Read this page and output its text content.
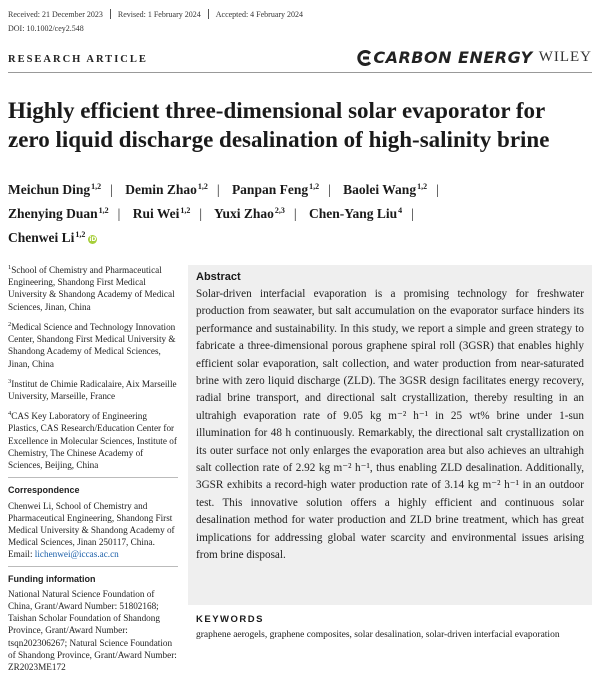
Received: 21 December 2023 Revised: 1 February 2024 Accepted: 4 February 2024
DOI: 10.1002/cey2.548
RESEARCH ARTICLE	CARBON ENERGY WILEY
Highly efficient three-dimensional solar evaporator for zero liquid discharge desalination of high-salinity brine
Meichun Ding$^{1,2}$ | Demin Zhao$^{1,2}$ | Panpan Feng$^{1,2}$ | Baolei Wang$^{1,2}$ |
Zhenying Duan$^{1,2}$ | Rui Wei$^{1,2}$ | Yuxi Zhao$^{2,3}$ | Chen-Yang Liu$^4$ |
Chenwei Li$^{1,2}$iD
$^1$School of Chemistry and Pharmaceutical Engineering, Shandong First Medical University & Shandong Academy of Medical Sciences, Jinan, China
$^2$Medical Science and Technology Innovation Center, Shandong First Medical University & Shandong Academy of Medical Sciences, Jinan, China
$^3$Institut de Chimie Radicalaire, Aix Marseille University, Marseille, France
$^4$CAS Key Laboratory of Engineering Plastics, CAS Research/Education Center for Excellence in Molecular Sciences, Institute of Chemistry, The Chinese Academy of Sciences, Beijing, China
Correspondence
Chenwei Li, School of Chemistry and Pharmaceutical Engineering, Shandong First Medical University & Shandong Academy of Medical Sciences, Jinan 250117, China.
Email: lichenwei@iccas.ac.cn
Funding information
National Natural Science Foundation of China, Grant/Award Number: 51802168; Taishan Scholar Foundation of Shandong Province, Grant/Award Number: tsqn202306267; Natural Science Foundation of Shandong Province, Grant/Award Number: ZR2023ME172
Abstract
Solar-driven interfacial evaporation is a promising technology for freshwater production from seawater, but salt accumulation on the evaporator surface hinders its performance and sustainability. In this study, we report a simple and green strategy to fabricate a three-dimensional porous graphene spiral roll (3GSR) that enables highly efficient solar evaporation, salt collection, and water production from near-saturated brine with zero liquid discharge (ZLD). The 3GSR design facilitates energy recovery, radial brine transport, and directional salt crystallization, thereby resulting in an ultrahigh evaporation rate of 9.05 kg m⁻² h⁻¹ in 25 wt% brine under 1-sun illumination for 48 h continuously. Remarkably, the directional salt crystallization on its outer surface not only enlarges the evaporation area but also achieves an ultrahigh salt collection rate of 2.92 kg m⁻² h⁻¹, thus enabling ZLD desalination. Additionally, 3GSR exhibits a record-high water production rate of 3.14 kg m⁻² h⁻¹ in an outdoor test. This innovative solution offers a highly efficient and continuous solar desalination method for water production and ZLD brine treatment, which has great implications for addressing global water scarcity and environmental issues arising from brine disposal.
KEYWORDS
graphene aerogels, graphene composites, solar desalination, solar-driven interfacial evaporation
